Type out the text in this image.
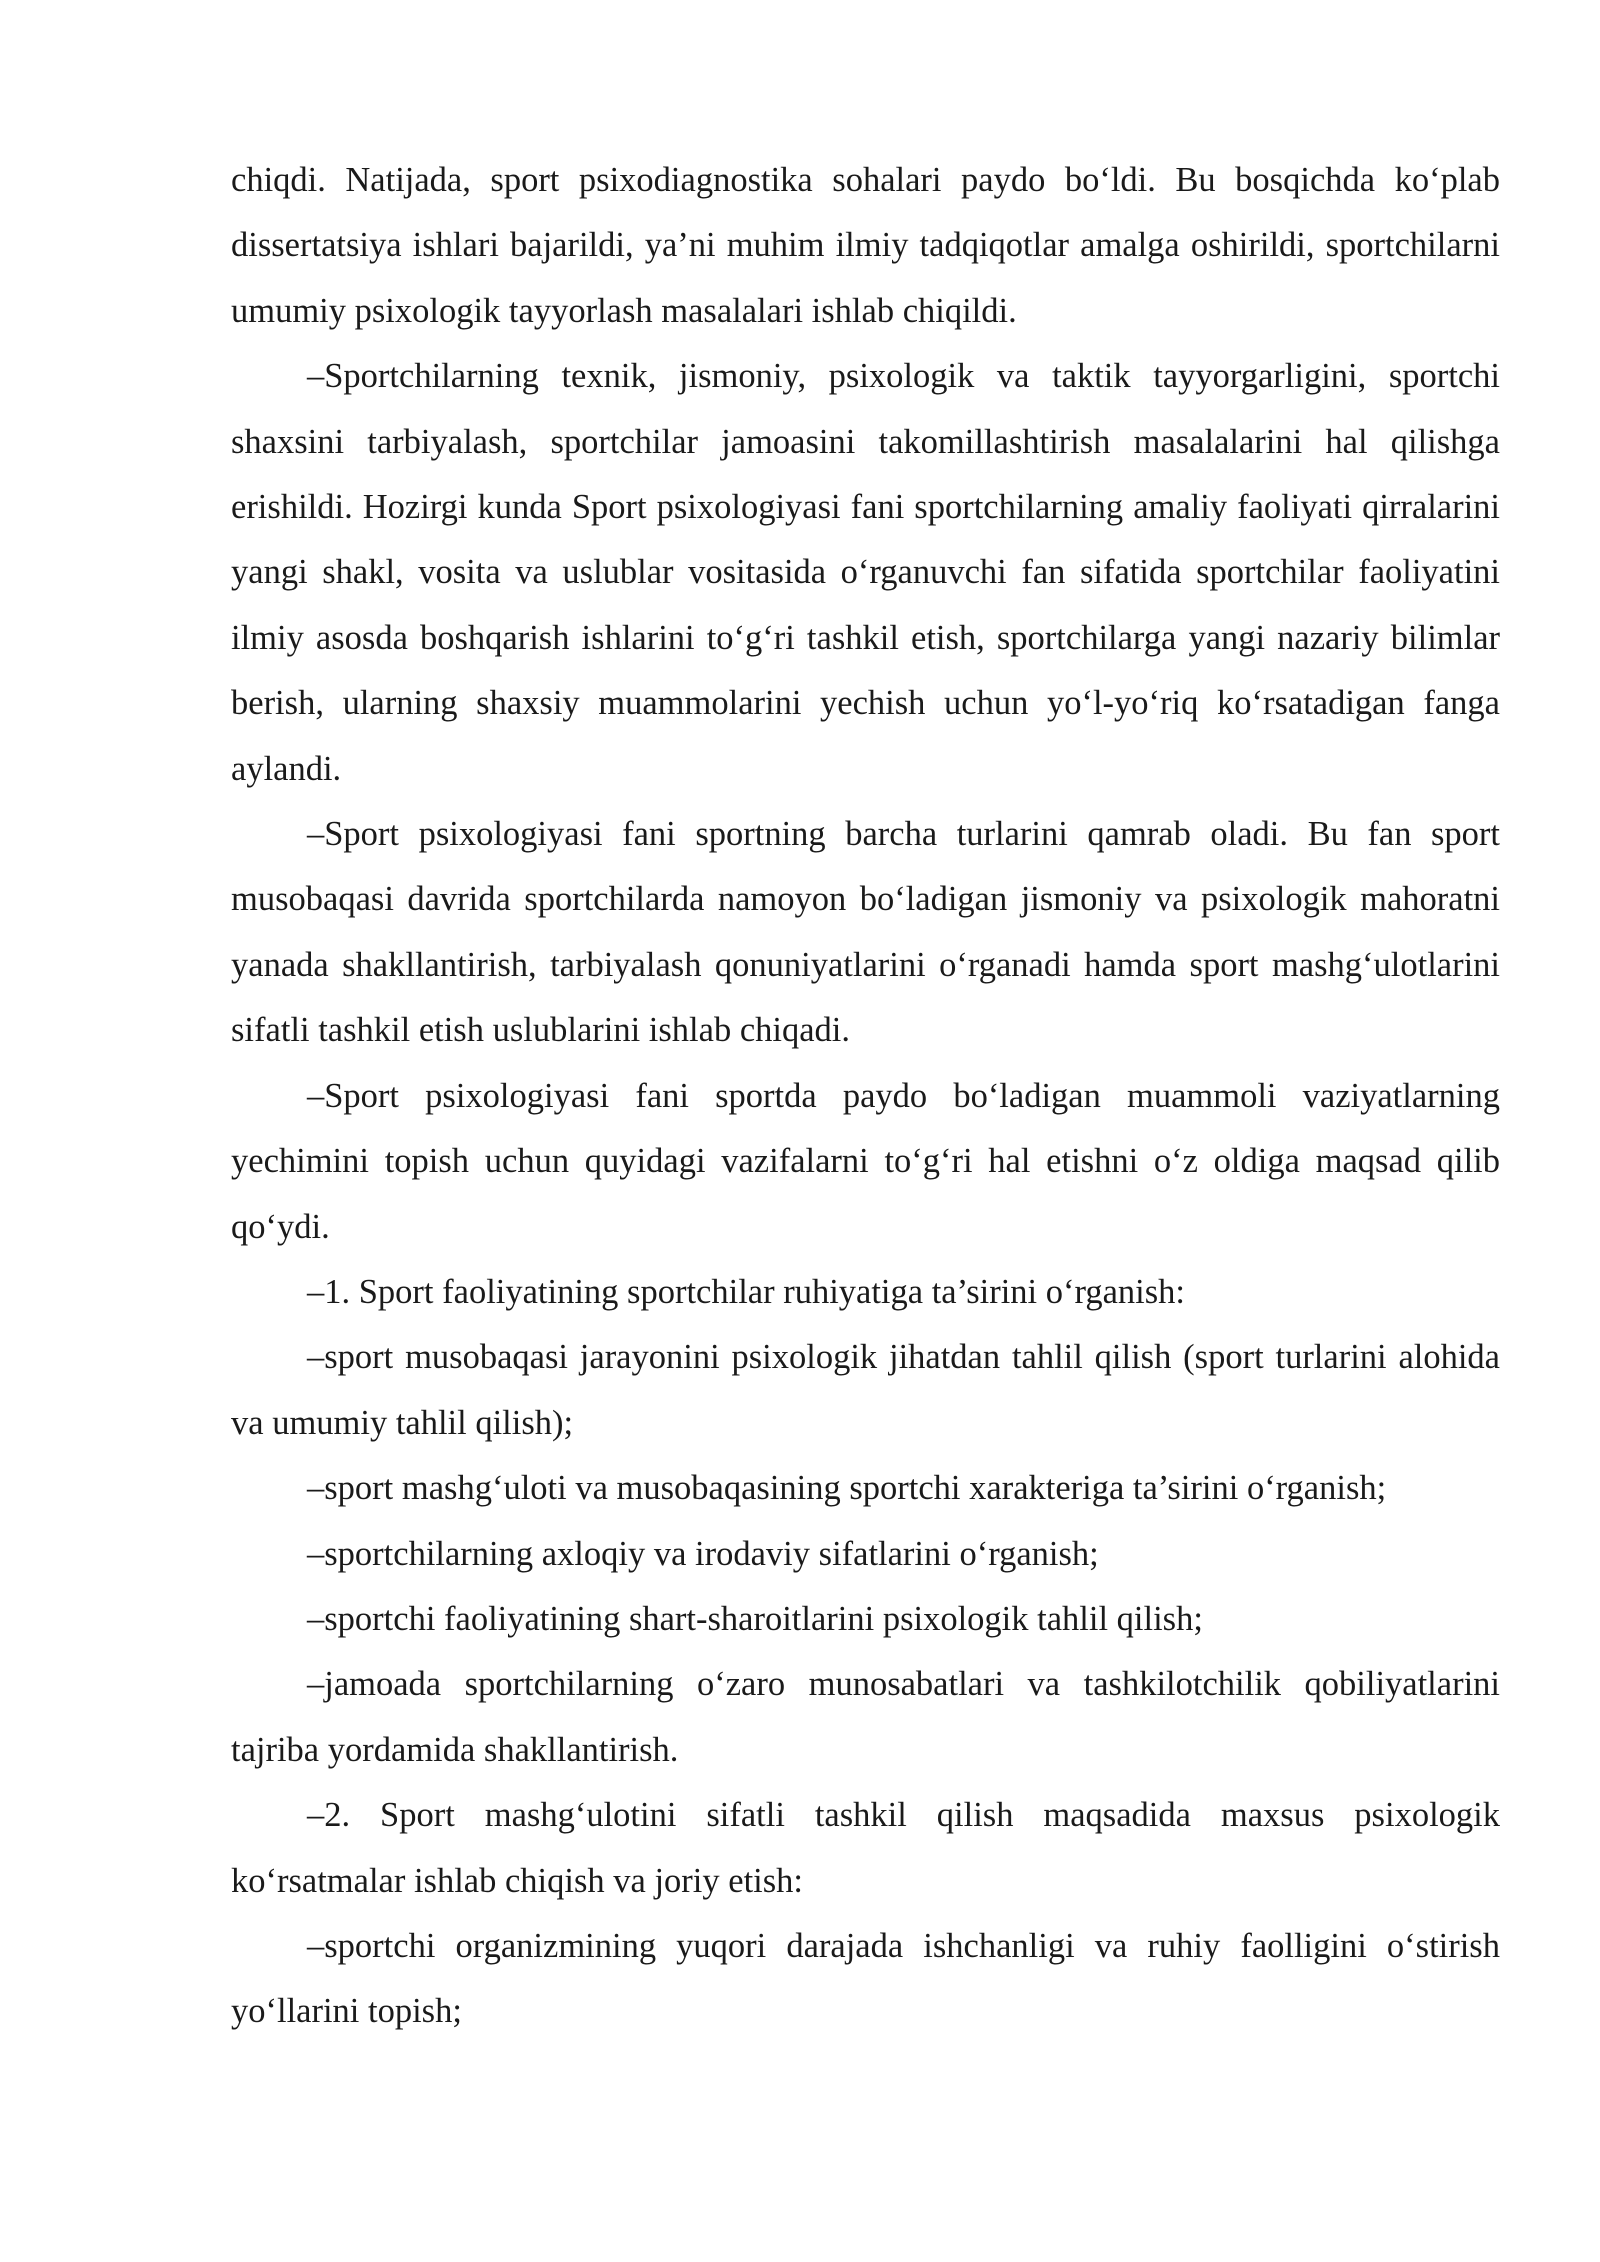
chiqdi. Natijada, sport psixodiagnostika sohalari paydo bo‘ldi. Bu bosqichda ko‘plab dissertatsiya ishlari bajarildi, ya’ni muhim ilmiy tadqiqotlar amalga oshirildi, sportchilarni umumiy psixologik tayyorlash masalalari ishlab chiqildi.

–Sportchilarning texnik, jismoniy, psixologik va taktik tayyorgarligini, sportchi shaxsini tarbiyalash, sportchilar jamoasini takomillashtirish masalalarini hal qilishga erishildi. Hozirgi kunda Sport psixologiyasi fani sportchilarning amaliy faoliyati qirralarini yangi shakl, vosita va uslublar vositasida o‘rganuvchi fan sifatida sportchilar faoliyatini ilmiy asosda boshqarish ishlarini to‘g‘ri tashkil etish, sportchilarga yangi nazariy bilimlar berish, ularning shaxsiy muammolarini yechish uchun yo‘l-yo‘riq ko‘rsatadigan fanga aylandi.

–Sport psixologiyasi fani sportning barcha turlarini qamrab oladi. Bu fan sport musobaqasi davrida sportchilarda namoyon bo‘ladigan jismoniy va psixologik mahoratni yanada shakllantirish, tarbiyalash qonuniyatlarini o‘rganadi hamda sport mashg‘ulotlarini sifatli tashkil etish uslublarini ishlab chiqadi.

–Sport psixologiyasi fani sportda paydo bo‘ladigan muammoli vaziyatlarning yechimini topish uchun quyidagi vazifalarni to‘g‘ri hal etishni o‘z oldiga maqsad qilib qo‘ydi.

–1. Sport faoliyatining sportchilar ruhiyatiga ta’sirini o‘rganish:

–sport musobaqasi jarayonini psixologik jihatdan tahlil qilish (sport turlarini alohida va umumiy tahlil qilish);

–sport mashg‘uloti va musobaqasining sportchi xarakteriga ta’sirini o‘rganish;

–sportchilarning axloqiy va irodaviy sifatlarini o‘rganish;

–sportchi faoliyatining shart-sharoitlarini psixologik tahlil qilish;

–jamoada sportchilarning o‘zaro munosabatlari va tashkilotchilik qobiliyatlarini tajriba yordamida shakllantirish.

–2. Sport mashg‘ulotini sifatli tashkil qilish maqsadida maxsus psixologik ko‘rsatmalar ishlab chiqish va joriy etish:

–sportchi organizmining yuqori darajada ishchanligi va ruhiy faolligini o‘stirish yo‘llarini topish;
